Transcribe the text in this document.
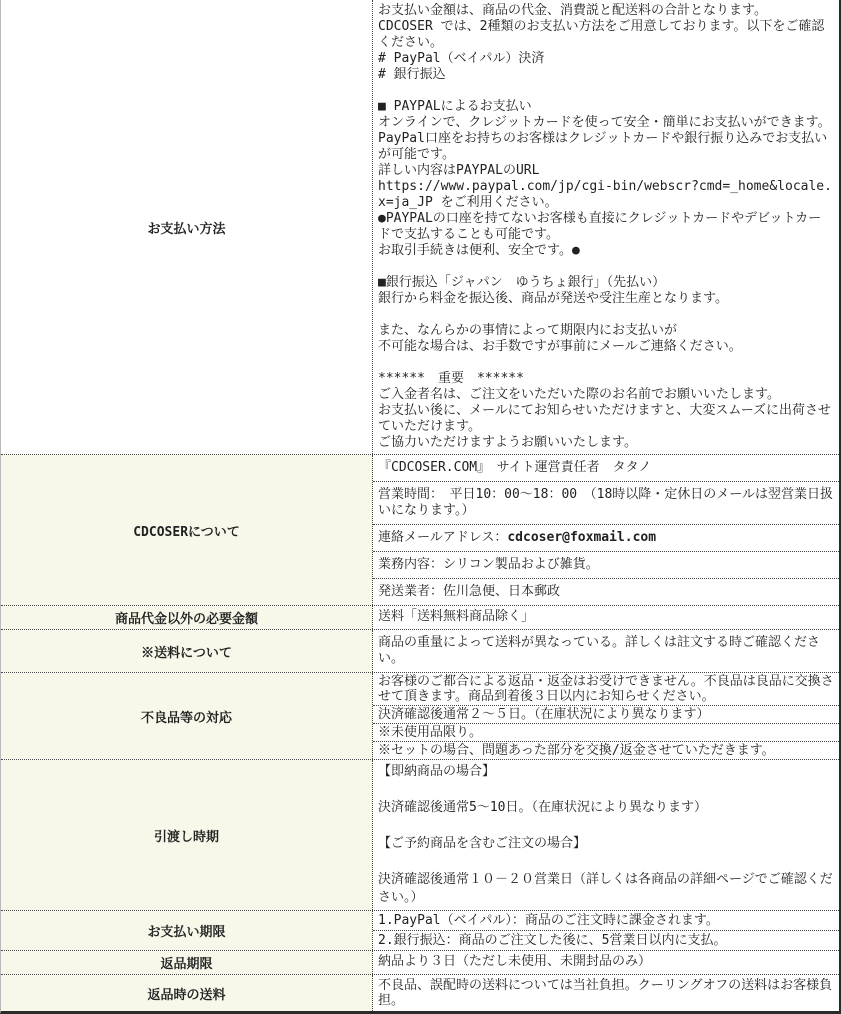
お支払い方法
お支払い金額は、商品の代金、消費説と配送料の合計となります。
CDCOSER では、2種類のお支払い方法をご用意しております。以下をご確認ください。
# PayPal（ベイパル）決済
# 銀行振込
■ PAYPALによるお支払い
オンラインで、クレジットカードを使って安全・簡単にお支払いができます。
PayPal口座をお持ちのお客様はクレジットカードや銀行振り込みでお支払いが可能です。
詳しい内容はPAYPALのURL
https://www.paypal.com/jp/cgi-bin/webscr?cmd=_home&locale.x=ja_JP をご利用ください。
●PAYPALの口座を持てないお客様も直接にクレジットカードやデビットカードで支払することも可能です。
お取引手続きは便利、安全です。●
■銀行振込「ジャパン　ゆうちょ銀行」（先払い）
銀行から料金を振込後、商品が発送や受注生産となります。
また、なんらかの事情によって期限内にお支払いが
不可能な場合は、お手数ですが事前にメールご連絡ください。
******　重要　******
ご入金者名は、ご注文をいただいた際のお名前でお願いいたします。
お支払い後に、メールにてお知らせいただけますと、大変スムーズに出荷させていただけます。
ご協力いただけますようお願いいたします。
CDCOSERについて
『CDCOSER.COM』　サイト運営責任者　タタノ
営業時間：　平日10：00～18：00　（18時以降・定休日のメールは翌営業日扱いになります。）
連絡メールアドレス：cdcoser@foxmail.com
業務内容：シリコン製品および雑貨。
発送業者：佐川急便、日本郵政
商品代金以外の必要金額	送料「送料無料商品除く」
※送料について
商品の重量によって送料が異なっている。詳しくは註文する時ご確認ください。
不良品等の対応
お客様のご都合による返品・返金はお受けできません。不良品は良品に交換させて頂きます。商品到着後３日以内にお知らせください。
決済確認後通常２～５日。（在庫状況により異なります）
※未使用品限り。
※セットの場合、問題あった部分を交換/返金させていただきます。
引渡し時期
【即納商品の場合】
決済確認後通常5～10日。（在庫状況により異なります）
【ご予約商品を含むご注文の場合】
決済確認後通常１０－２０営業日（詳しくは各商品の詳細ページでご確認ください。）
お支払い期限
1.PayPal（ベイパル）：商品のご注文時に課金されます。
2.銀行振込：商品のご注文した後に、5営業日以内に支払。
返品期限	納品より３日（ただし未使用、未開封品のみ）
返品時の送料
不良品、誤配時の送料については当社負担。クーリングオフの送料はお客様負担。
